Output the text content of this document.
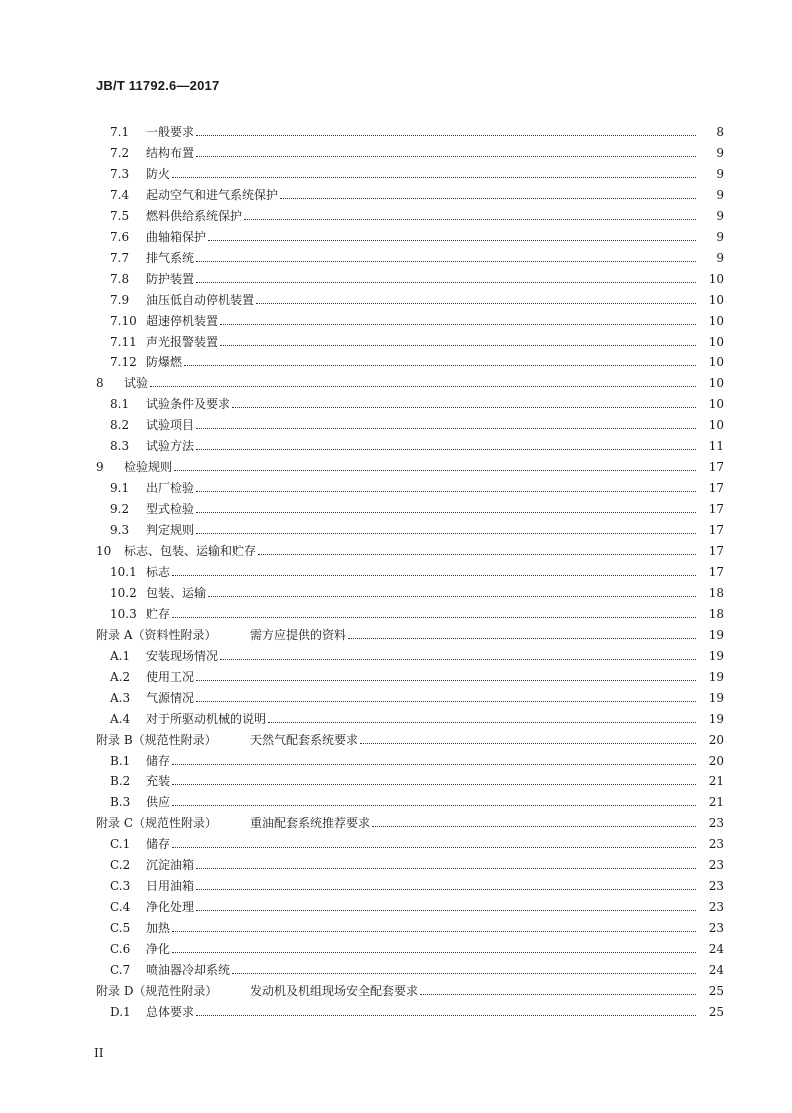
JB/T 11792.6—2017
7.1	一般要求	8
7.2	结构布置	9
7.3	防火	9
7.4	起动空气和进气系统保护	9
7.5	燃料供给系统保护	9
7.6	曲轴箱保护	9
7.7	排气系统	9
7.8	防护装置	10
7.9	油压低自动停机装置	10
7.10 超速停机装置	10
7.11 声光报警装置	10
7.12 防爆燃	10
8	试验	10
8.1	试验条件及要求	10
8.2	试验项目	10
8.3	试验方法	11
9	检验规则	17
9.1	出厂检验	17
9.2	型式检验	17
9.3	判定规则	17
10	标志、包装、运输和贮存	17
10.1 标志	17
10.2 包装、运输	18
10.3 贮存	18
附录 A（资料性附录）	需方应提供的资料	19
A.1	安装现场情况	19
A.2	使用工况	19
A.3	气源情况	19
A.4	对于所驱动机械的说明	19
附录 B（规范性附录）	天然气配套系统要求	20
B.1	储存	20
B.2	充装	21
B.3	供应	21
附录 C（规范性附录）	重油配套系统推荐要求	23
C.1	储存	23
C.2	沉淀油箱	23
C.3	日用油箱	23
C.4	净化处理	23
C.5	加热	23
C.6	净化	24
C.7	喷油器冷却系统	24
附录 D（规范性附录）	发动机及机组现场安全配套要求	25
D.1	总体要求	25
II
